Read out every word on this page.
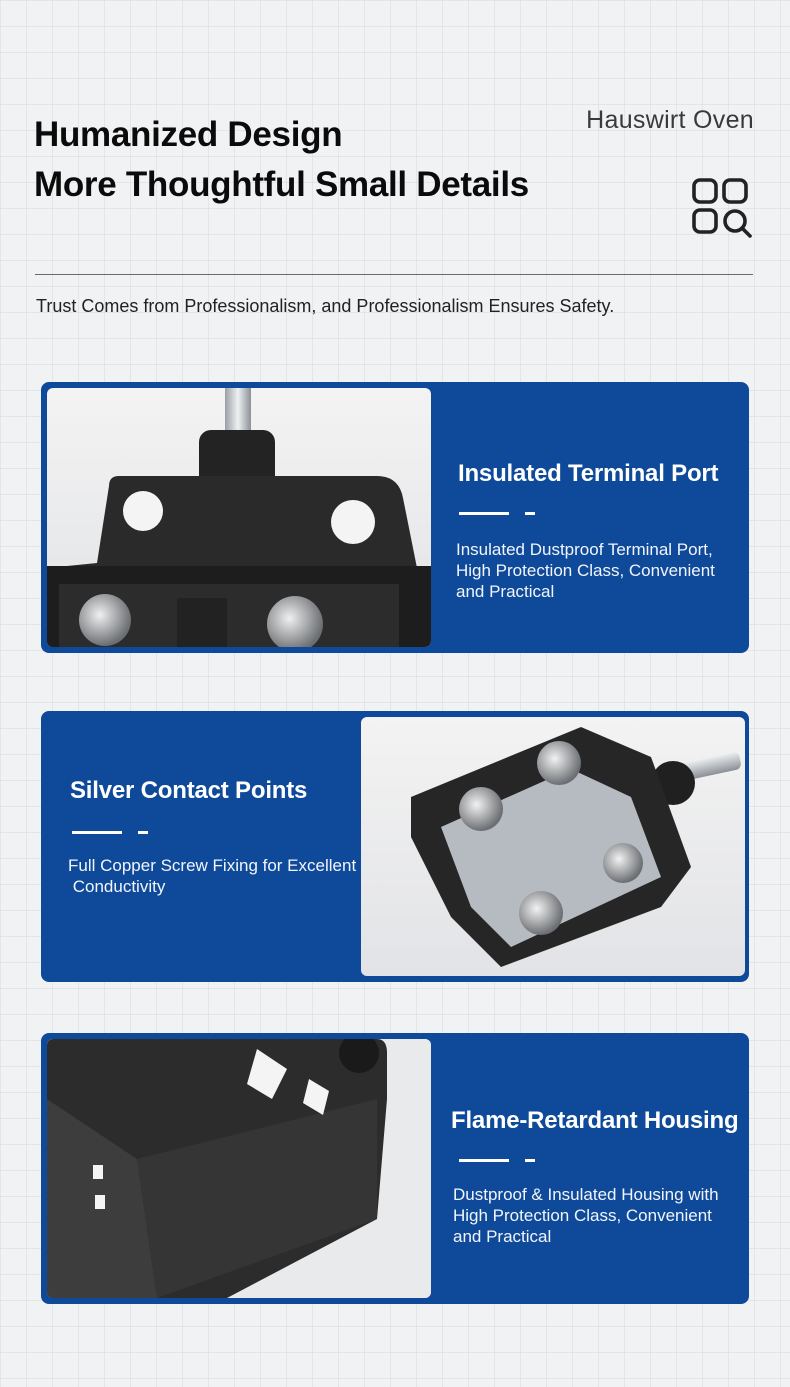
Humanized Design
More Thoughtful Small Details
Hauswirt Oven
Trust Comes from Professionalism, and Professionalism Ensures Safety.
Insulated Terminal Port
Insulated Dustproof Terminal Port,
High Protection Class, Convenient
and Practical
Silver Contact Points
Full Copper Screw Fixing for Excellent
Conductivity
Flame-Retardant Housing
Dustproof & Insulated Housing with
High Protection Class, Convenient
and Practical
